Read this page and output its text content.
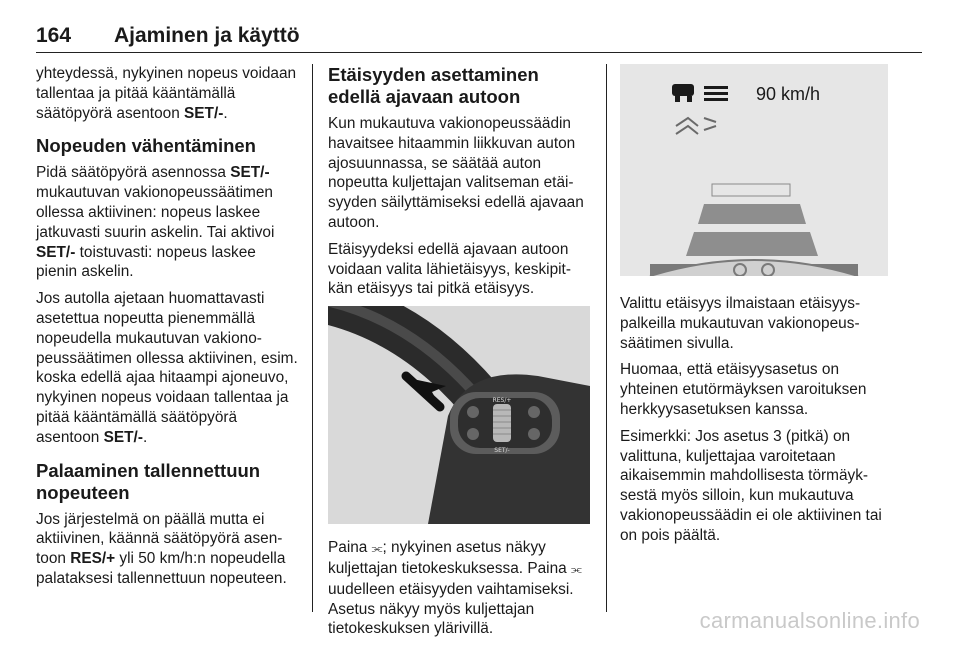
164 Ajaminen ja käyttö

yhteydessä, nykyinen nopeus voidaan tallentaa ja pitää kääntämällä säätöpyörä asentoon SET/-.

Nopeuden vähentäminen

Pidä säätöpyörä asennossa SET/- mukautuvan vakionopeussäätimen ollessa aktiivinen: nopeus laskee jatkuvasti suurin askelin. Tai aktivoi SET/- toistuvasti: nopeus laskee pienin askelin.

Jos autolla ajetaan huomattavasti asetettua nopeutta pienemmällä nopeudella mukautuvan vakionopeussäätimen ollessa aktiivinen, esim. koska edellä ajaa hitaampi ajoneuvo, nykyinen nopeus voidaan tallentaa ja pitää kääntämällä säätöpyörä asentoon SET/-.

Palaaminen tallennettuun nopeuteen

Jos järjestelmä on päällä mutta ei aktiivinen, käännä säätöpyörä asentoon RES/+ yli 50 km/h:n nopeudella palataksesi tallennettuun nopeuteen.

Etäisyyden asettaminen edellä ajavaan autoon

Kun mukautuva vakionopeussäädin havaitsee hitaammin liikkuvan auton ajosuunnassa, se säätää auton nopeutta kuljettajan valitseman etäisyyden säilyttämiseksi edellä ajavaan autoon.

Etäisyydeksi edellä ajavaan autoon voidaan valita lähietäisyys, keskipitkän etäisyys tai pitkä etäisyys.

RES/+
SET/-

Paina ⫘; nykyinen asetus näkyy kuljettajan tietokeskuksessa. Paina ⫘ uudelleen etäisyyden vaihtamiseksi. Asetus näkyy myös kuljettajan tietokeskuksen ylärivillä.

90 km/h

Valittu etäisyys ilmaistaan etäisyyspalkeilla mukautuvan vakionopeussäätimen sivulla.

Huomaa, että etäisyysasetus on yhteinen etutörmäyksen varoituksen herkkyysasetuksen kanssa.

Esimerkki: Jos asetus 3 (pitkä) on valittuna, kuljettajaa varoitetaan aikaisemmin mahdollisesta törmäyksestä myös silloin, kun mukautuva vakionopeussäädin ei ole aktiivinen tai on pois päältä.

carmanualsonline.info
